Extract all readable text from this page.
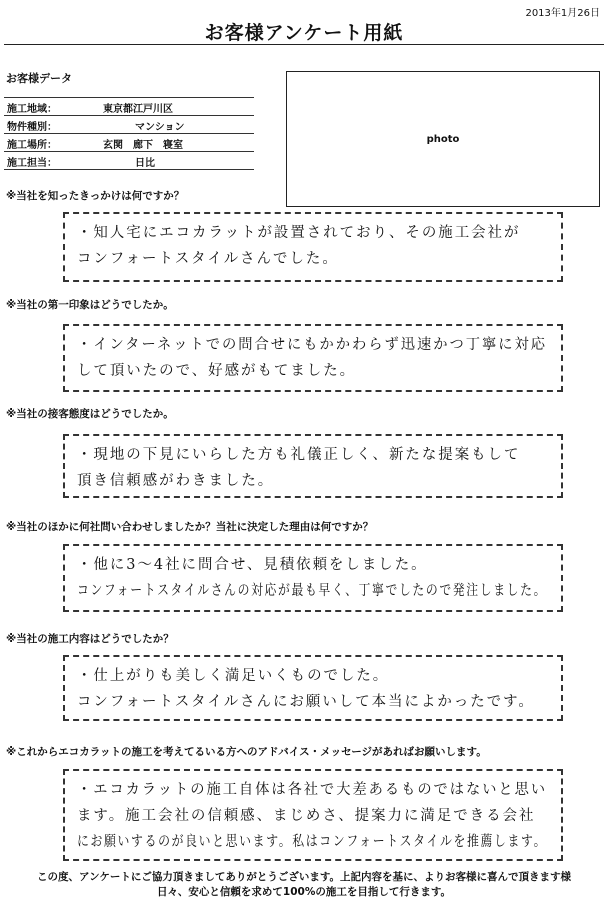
2013年1月26日
お客様アンケート用紙
お客様データ
施工地域：	東京都江戸川区
物件種別：	マンション
施工場所：	玄関　廊下　寝室
施工担当：	日比
photo
※当社を知ったきっかけは何ですか？
・知人宅にエコカラットが設置されており、その施工会社が
コンフォートスタイルさんでした。
※当社の第一印象はどうでしたか。
・インターネットでの問合せにもかかわらず迅速かつ丁寧に対応
して頂いたので、好感がもてました。
※当社の接客態度はどうでしたか。
・現地の下見にいらした方も礼儀正しく、新たな提案もして
頂き信頼感がわきました。
※当社のほかに何社問い合わせしましたか？当社に決定した理由は何ですか？
・他に3～4社に問合せ、見積依頼をしました。
コンフォートスタイルさんの対応が最も早く、丁寧でしたので発注しました。
※当社の施工内容はどうでしたか？
・仕上がりも美しく満足いくものでした。
コンフォートスタイルさんにお願いして本当によかったです。
※これからエコカラットの施工を考えてるいる方へのアドバイス・メッセージがあればお願いします。
・エコカラットの施工自体は各社で大差あるものではないと思い
ます。施工会社の信頼感、まじめさ、提案力に満足できる会社
にお願いするのが良いと思います。私はコンフォートスタイルを推薦します。
この度、アンケートにご協力頂きましてありがとうございます。上記内容を基に、よりお客様に喜んで頂きます様
日々、安心と信頼を求めて100%の施工を目指して行きます。
